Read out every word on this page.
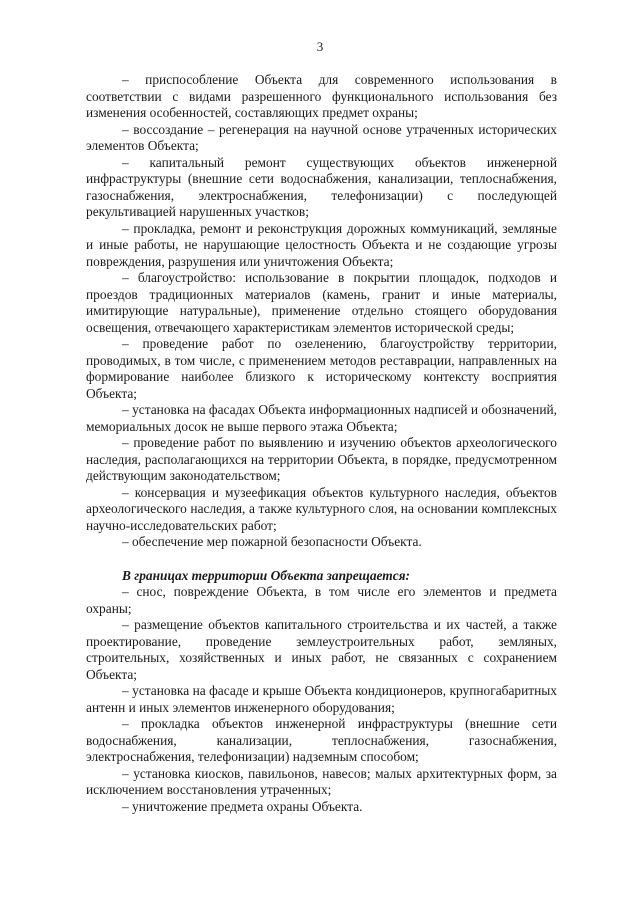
3

– приспособление Объекта для современного использования в соответствии с видами разрешенного функционального использования без изменения особенностей, составляющих предмет охраны;

– воссоздание – регенерация на научной основе утраченных исторических элементов Объекта;

– капитальный ремонт существующих объектов инженерной инфраструктуры (внешние сети водоснабжения, канализации, теплоснабжения, газоснабжения, электроснабжения, телефонизации) с последующей рекультивацией нарушенных участков;

– прокладка, ремонт и реконструкция дорожных коммуникаций, земляные и иные работы, не нарушающие целостность Объекта и не создающие угрозы повреждения, разрушения или уничтожения Объекта;

– благоустройство: использование в покрытии площадок, подходов и проездов традиционных материалов (камень, гранит и иные материалы, имитирующие натуральные), применение отдельно стоящего оборудования освещения, отвечающего характеристикам элементов исторической среды;

– проведение работ по озеленению, благоустройству территории, проводимых, в том числе, с применением методов реставрации, направленных на формирование наиболее близкого к историческому контексту восприятия Объекта;

– установка на фасадах Объекта информационных надписей и обозначений, мемориальных досок не выше первого этажа Объекта;

– проведение работ по выявлению и изучению объектов археологического наследия, располагающихся на территории Объекта, в порядке, предусмотренном действующим законодательством;

– консервация и музеефикация объектов культурного наследия, объектов археологического наследия, а также культурного слоя, на основании комплексных научно-исследовательских работ;

– обеспечение мер пожарной безопасности Объекта.

В границах территории Объекта запрещается:

– снос, повреждение Объекта, в том числе его элементов и предмета охраны;

– размещение объектов капитального строительства и их частей, а также проектирование, проведение землеустроительных работ, земляных, строительных, хозяйственных и иных работ, не связанных с сохранением Объекта;

– установка на фасаде и крыше Объекта кондиционеров, крупногабаритных антенн и иных элементов инженерного оборудования;

– прокладка объектов инженерной инфраструктуры (внешние сети водоснабжения, канализации, теплоснабжения, газоснабжения, электроснабжения, телефонизации) надземным способом;

– установка киосков, павильонов, навесов; малых архитектурных форм, за исключением восстановления утраченных;

– уничтожение предмета охраны Объекта.
